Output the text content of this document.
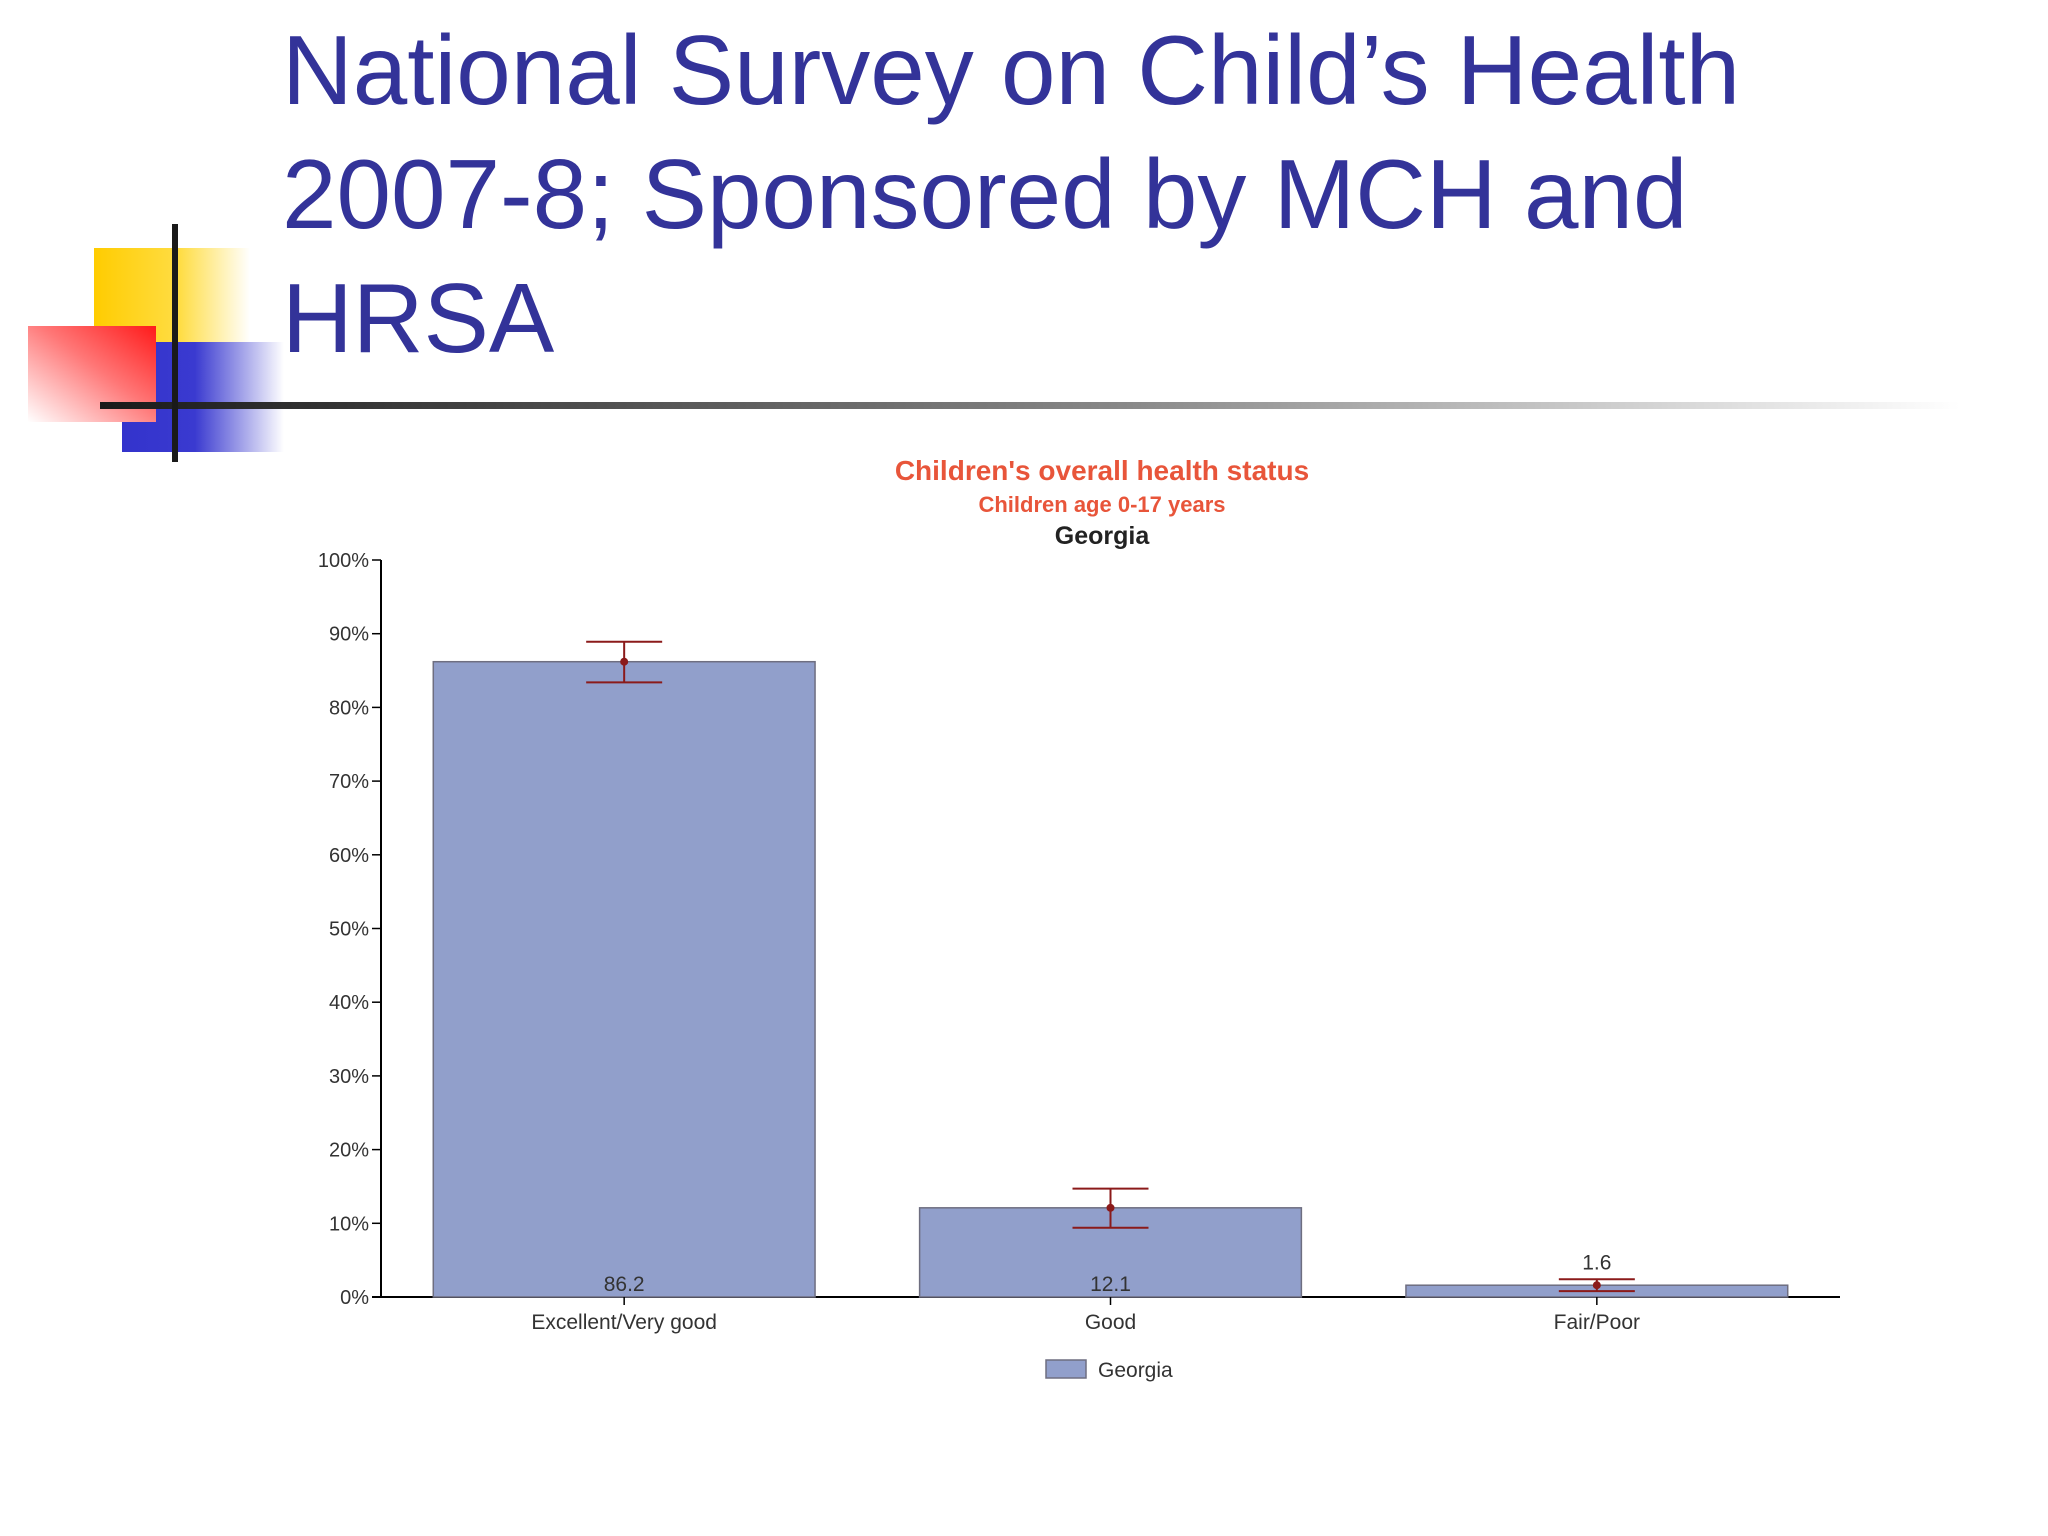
National Survey on Child’s Health
2007-8; Sponsored by MCH and
HRSA
Children's overall health status
Children age 0-17 years
Georgia
0%
10%
20%
30%
40%
50%
60%
70%
80%
90%
100%
Excellent/Very good
86.2
Good
12.1
Fair/Poor
1.6
Georgia
